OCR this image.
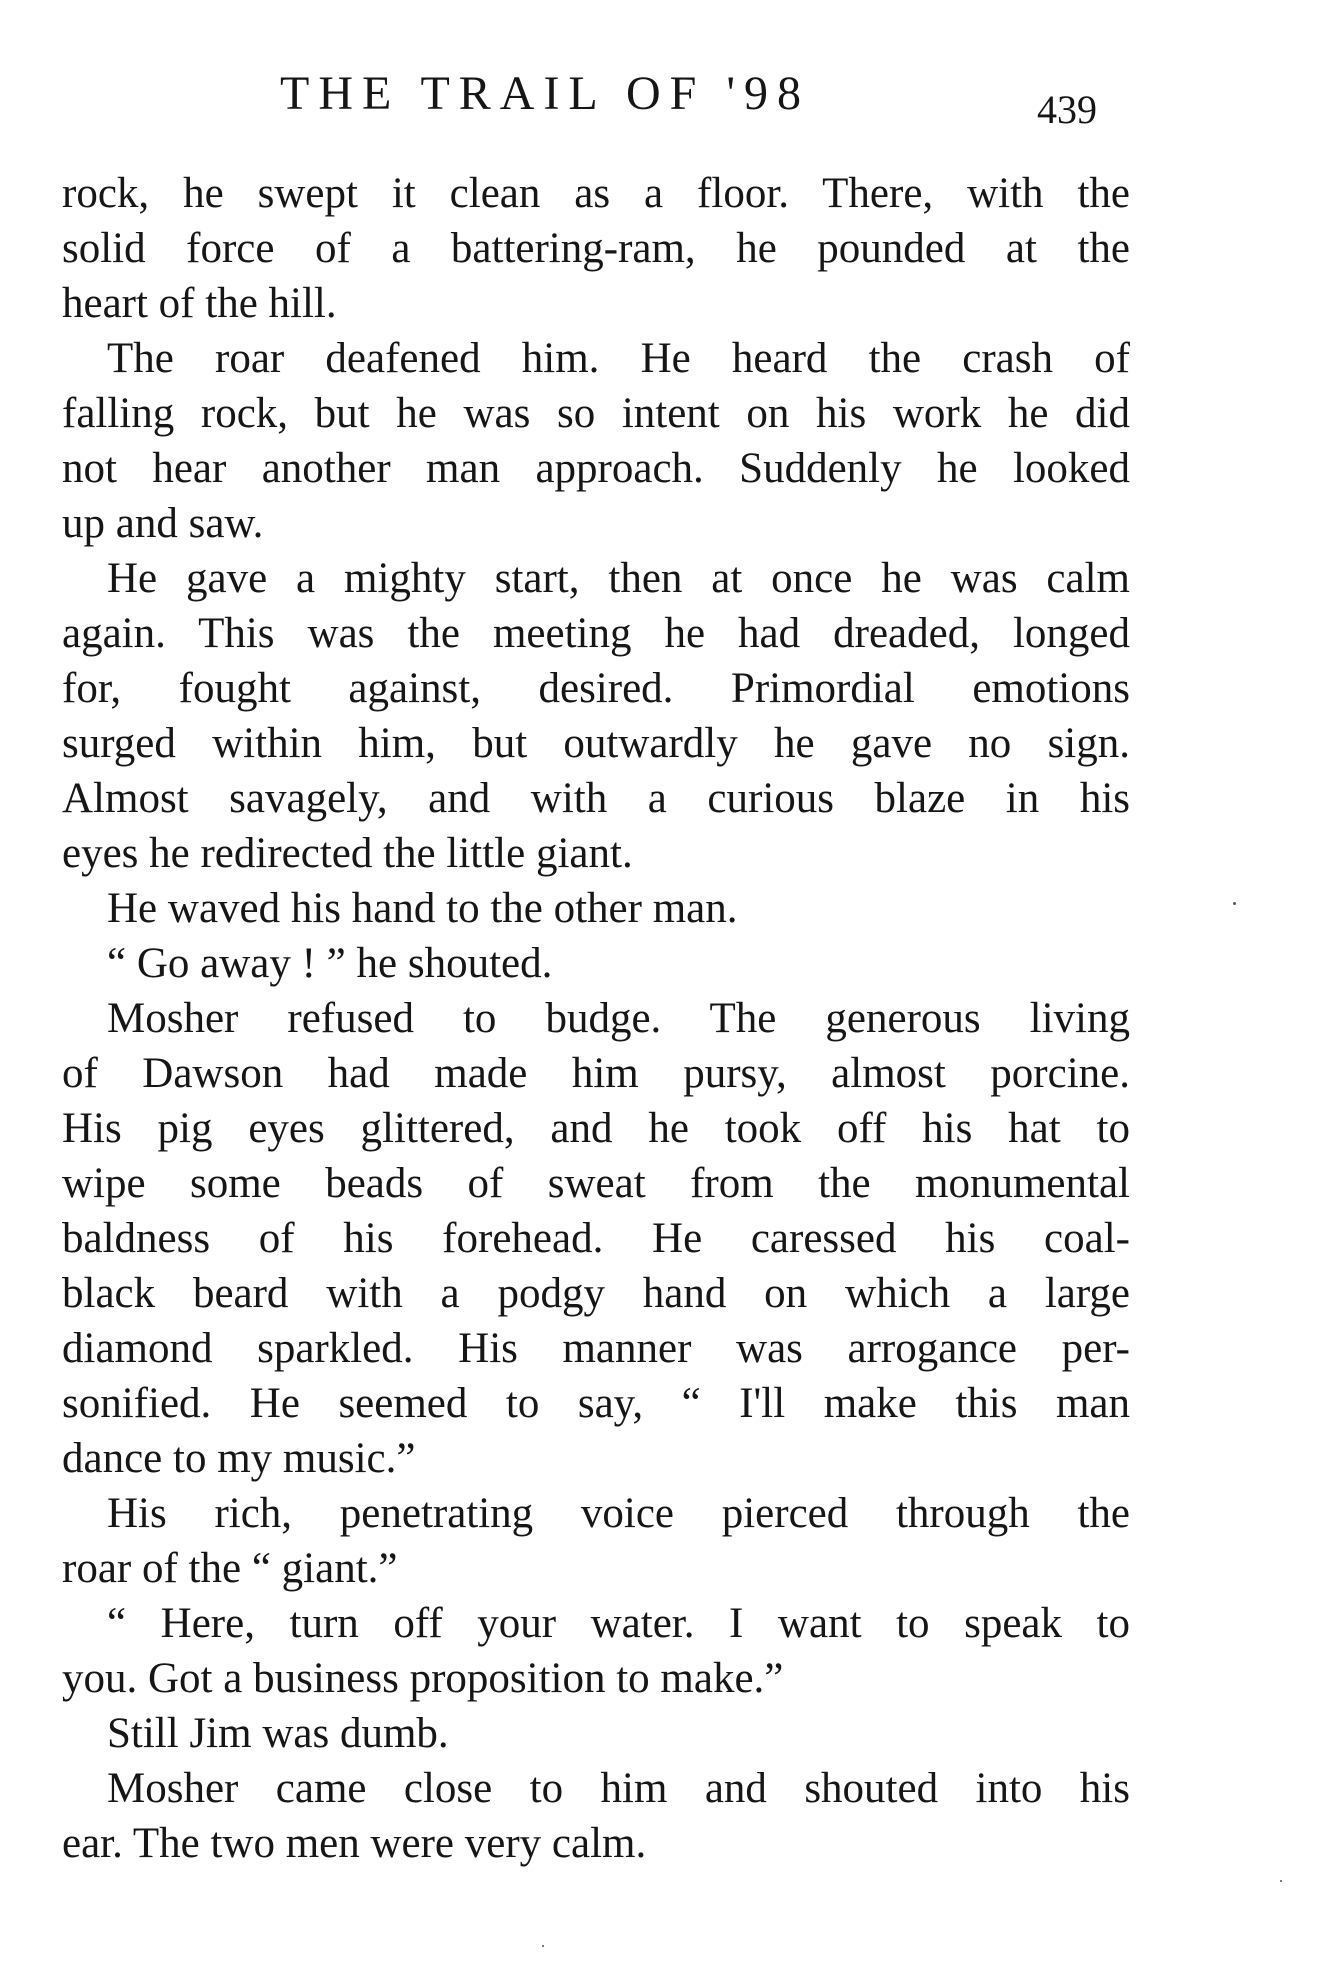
THE TRAIL OF '98	439
rock, he swept it clean as a floor. There, with the
solid force of a battering-ram, he pounded at the
heart of the hill.
The roar deafened him. He heard the crash of
falling rock, but he was so intent on his work he did
not hear another man approach. Suddenly he looked
up and saw.
He gave a mighty start, then at once he was calm
again. This was the meeting he had dreaded, longed
for, fought against, desired. Primordial emotions
surged within him, but outwardly he gave no sign.
Almost savagely, and with a curious blaze in his
eyes he redirected the little giant.
He waved his hand to the other man.
“ Go away ! ” he shouted.
Mosher refused to budge. The generous living
of Dawson had made him pursy, almost porcine.
His pig eyes glittered, and he took off his hat to
wipe some beads of sweat from the monumental
baldness of his forehead. He caressed his coal-
black beard with a podgy hand on which a large
diamond sparkled. His manner was arrogance per-
sonified. He seemed to say, “ I'll make this man
dance to my music.”
His rich, penetrating voice pierced through the
roar of the “ giant.”
“ Here, turn off your water. I want to speak to
you. Got a business proposition to make.”
Still Jim was dumb.
Mosher came close to him and shouted into his
ear. The two men were very calm.
